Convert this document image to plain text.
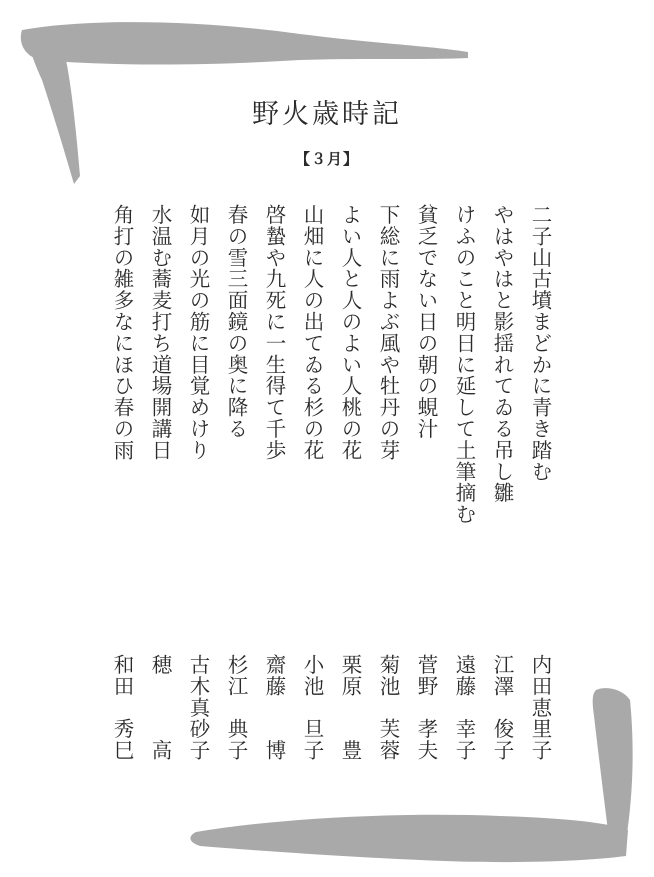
野火歳時記
【３月】
二子山古墳まどかに青き踏む
内田恵里子
やはやはと影揺れてゐる吊し雛
江澤　俊子
けふのこと明日に延して土筆摘む
遠藤　幸子
貧乏でない日の朝の蜆汁
菅野　孝夫
下総に雨よぶ風や牡丹の芽
菊池　芙蓉
よい人と人のよい人桃の花
栗原　　豊
山畑に人の出てゐる杉の花
小池　旦子
啓蟄や九死に一生得て千歩
齋藤　　博
春の雪三面鏡の奥に降る
杉江　典子
如月の光の筋に目覚めけり
古木真砂子
水温む蕎麦打ち道場開講日
穂　　　高
角打の雑多なにほひ春の雨
和田　秀巳
